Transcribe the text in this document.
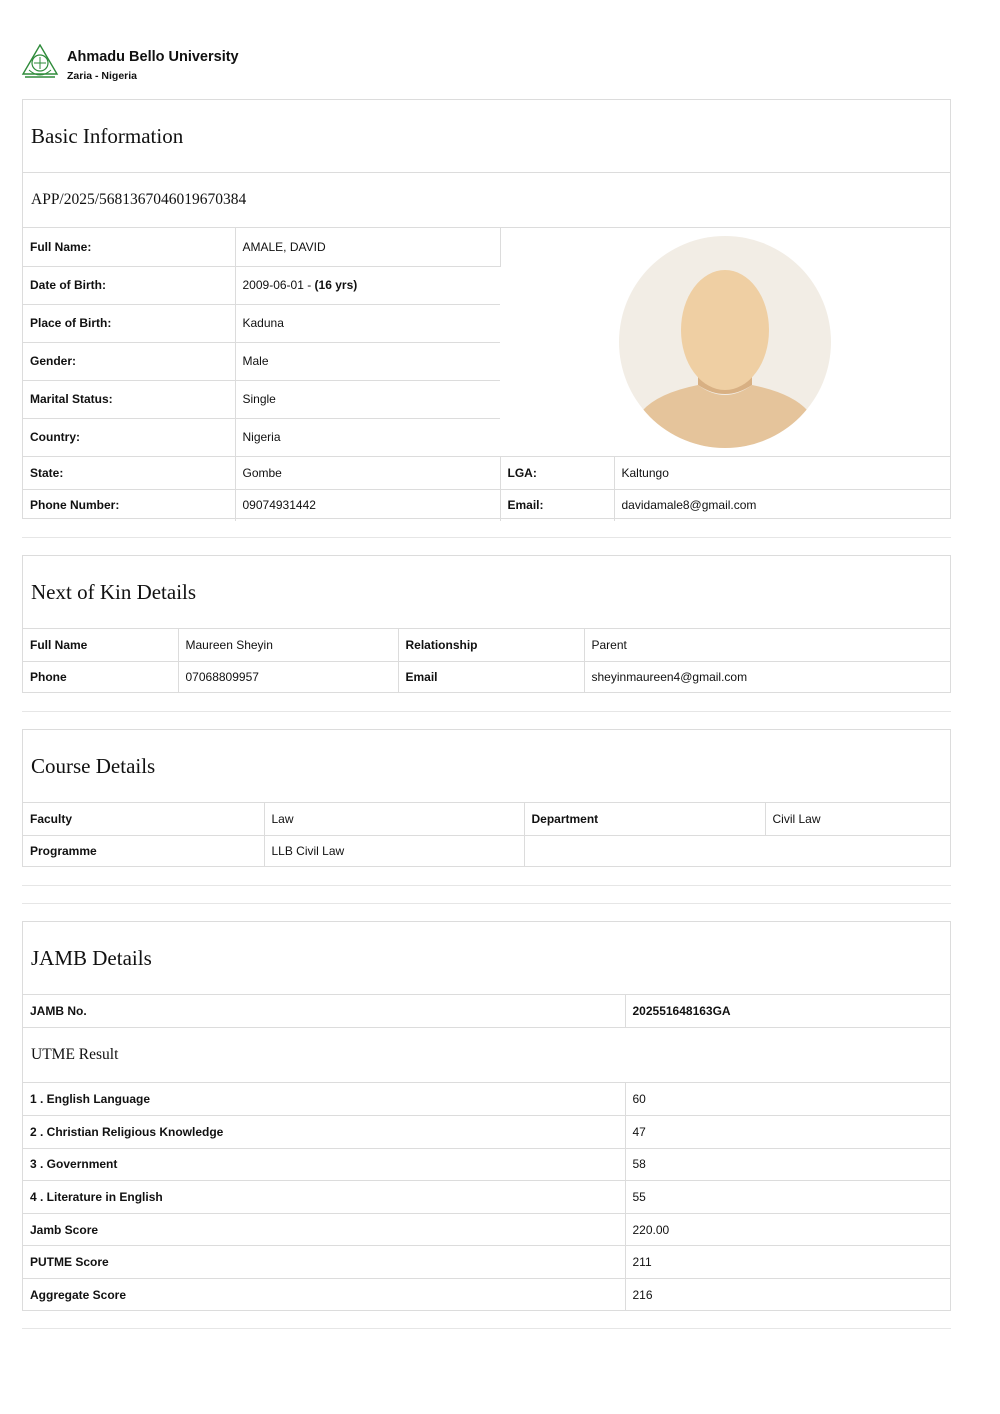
Ahmadu Bello University
Zaria - Nigeria
Basic Information
APP/2025/5681367046019670384
Full Name:	AMALE, DAVID	

Date of Birth:	2009-06-01 - (16 yrs)		
Place of Birth:	Kaduna		
Gender:	Male		
Marital Status:	Single		
Country:	Nigeria		
State:	Gombe	LGA:	Kaltungo
Phone Number:	09074931442	Email:	davidamale8@gmail.com
Next of Kin Details
Full Name	Maureen Sheyin	Relationship	Parent
Phone	07068809957	Email	sheyinmaureen4@gmail.com
Course Details
Faculty	Law	Department	Civil Law
Programme	LLB Civil Law		
JAMB Details
JAMB No.	202551648163GA
UTME Result
1 . English Language	60
2 . Christian Religious Knowledge	47
3 . Government	58
4 . Literature in English	55
Jamb Score	220.00
PUTME Score	211
Aggregate Score	216
